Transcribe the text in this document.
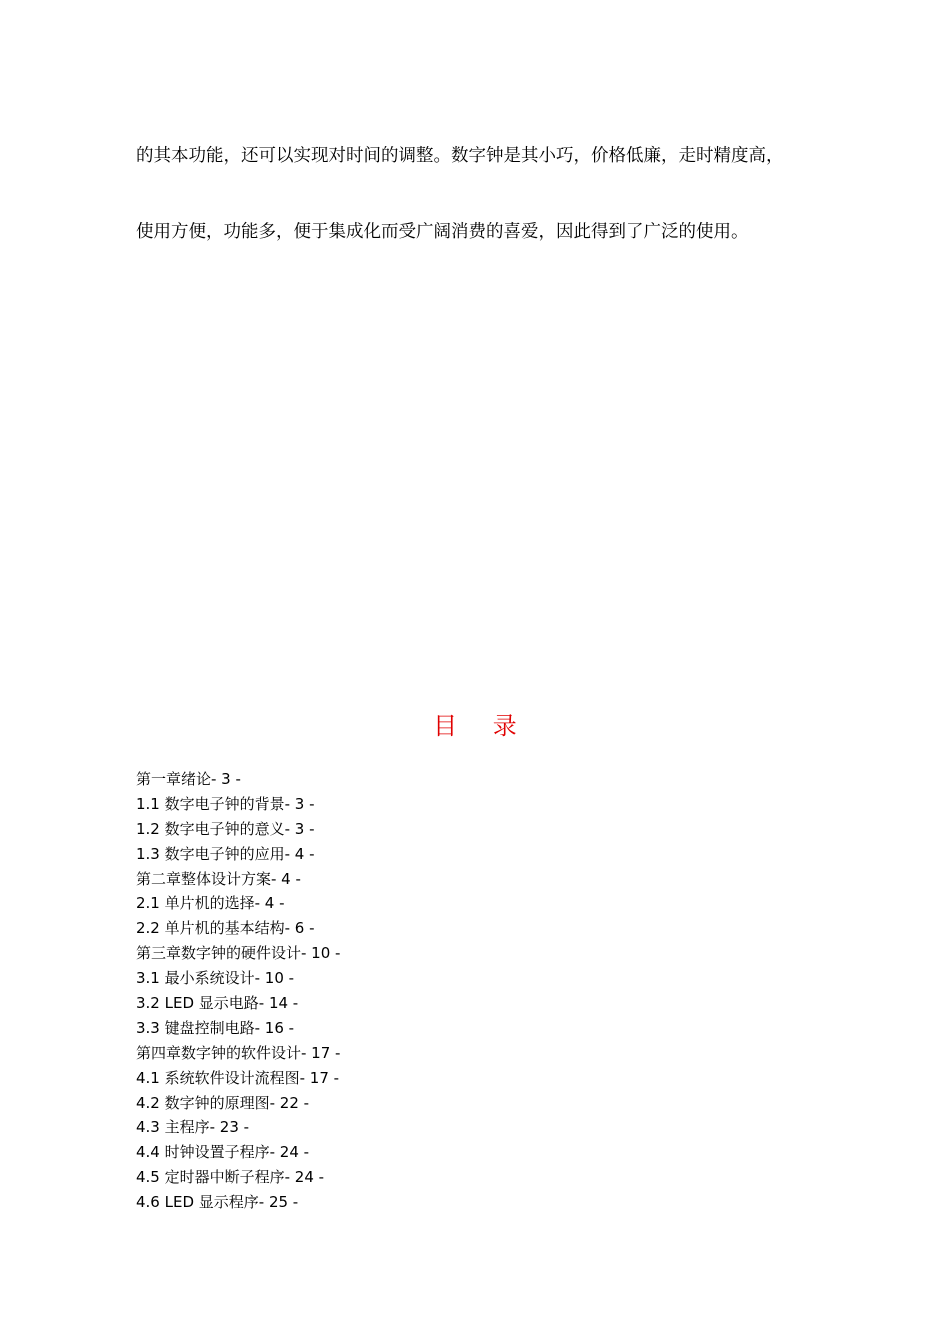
的其本功能，还可以实现对时间的调整。数字钟是其小巧，价格低廉，走时精度高，
使用方便，功能多，便于集成化而受广阔消费的喜爱，因此得到了广泛的使用。
目 录
第一章绪论- 3 -
1.1 数字电子钟的背景- 3 -
1.2 数字电子钟的意义- 3 -
1.3 数字电子钟的应用- 4 -
第二章整体设计方案- 4 -
2.1 单片机的选择- 4 -
2.2 单片机的基本结构- 6 -
第三章数字钟的硬件设计- 10 -
3.1 最小系统设计- 10 -
3.2 LED 显示电路- 14 -
3.3 键盘控制电路- 16 -
第四章数字钟的软件设计- 17 -
4.1 系统软件设计流程图- 17 -
4.2 数字钟的原理图- 22 -
4.3 主程序- 23 -
4.4 时钟设置子程序- 24 -
4.5 定时器中断子程序- 24 -
4.6 LED 显示程序- 25 -
